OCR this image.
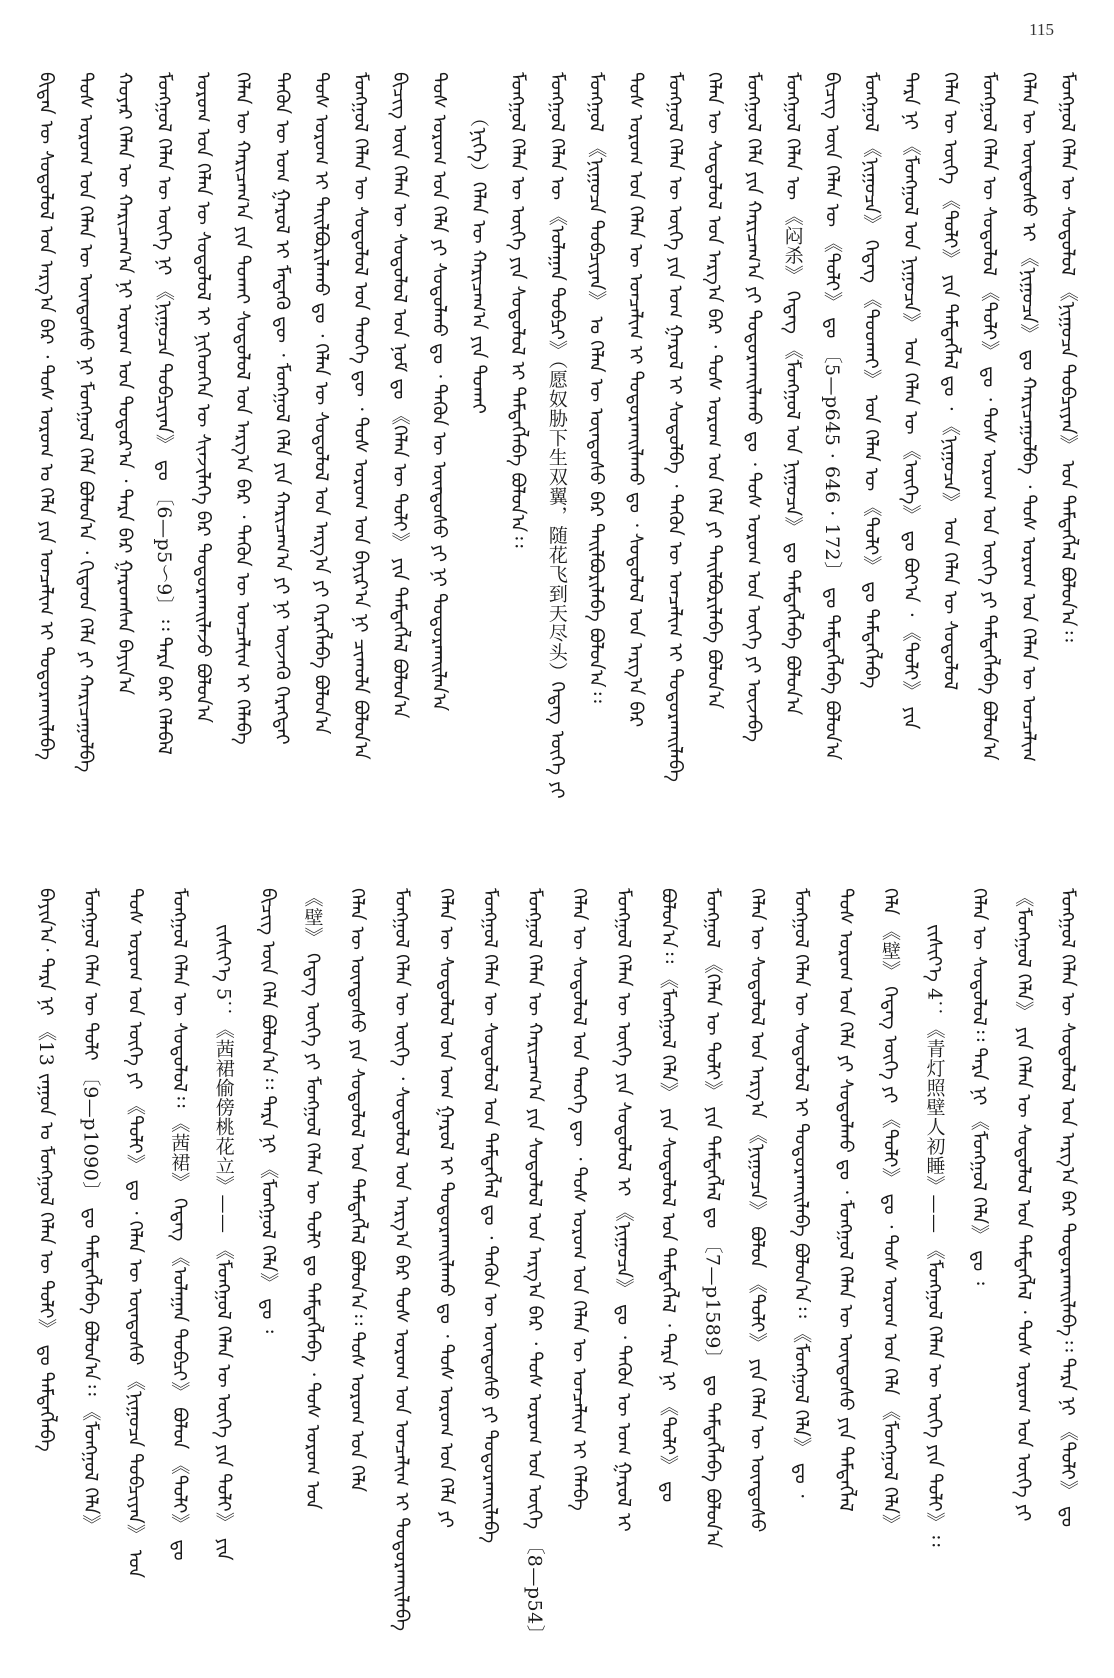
115
ᠪᠢᠳᠡᠨ ᠦ ᠰᠤᠳᠤᠯᠤᠯ ᠤᠨ ᠠᠷᠭ᠎ᠠ ᠪᠡᠷ ᠂ ᠲᠤᠰ ᠤᠷᠤᠭ ᠤ ᠬᠡᠯᠡ ᠶᠢᠨ ᠤᠨᠴᠠᠯᠢᠭ ᠢ ᠲᠣᠳᠣᠷᠬᠠᠢᠯᠠᠪᠠ ᠲᠤᠰ ᠤᠷᠤᠭ ᠤᠨ ᠬᠡᠯᠡᠨ ᠦ ᠦᠨᠳᠦᠰᠦ ᠨᠢ ᠮᠣᠩᠭᠣᠯ ᠬᠡᠯᠡ ᠪᠣᠯᠤᠨ᠎ᠠ ᠂ ᠬᠢᠲᠠᠳ ᠬᠡᠯᠡ ᠶᠢ ᠬᠠᠷᠢᠴᠠᠭᠤᠯᠪᠠ ᠬᠣᠶᠠᠷ ᠬᠡᠯᠡᠨ ᠦ ᠬᠠᠷᠢᠴᠠᠭ᠎ᠠ ᠨᠢ ᠤᠷᠤᠭ ᠤᠨ ᠳᠣᠲᠣᠷ᠎ᠠ ᠂ ᠲᠡᠷᠡ ᠪᠡᠷ ᠭᠠᠷᠤᠭᠰᠠᠨ ᠪᠠᠶᠢᠨ᠎ᠠ ᠮᠣᠩᠭᠣᠯ ᠬᠡᠯᠡᠨ ᠦ ᠦᠭᠡ ᠨᠢ 《ᠨᠢᠭᠤᠴᠠ ᠲᠣᠪᠴᠢᠶᠠᠨ》 ᠳᠤ 〔6—p5～9〕᠄᠄ ᠲᠡᠷᠡ ᠪᠡᠷ ᠬᠡᠯᠡᠪᠡᠯ ᠤᠷᠤᠭ ᠤᠨ ᠬᠡᠯᠡᠨ ᠦ ᠰᠤᠳᠤᠯᠤᠯ ᠢ ᠨᠢᠭᠡᠳᠭᠡᠨ ᠦ ᠰᠢᠨᠵᠢᠯᠡᠭᠡ ᠪᠡᠷ ᠲᠣᠳᠣᠷᠬᠠᠢᠯᠠᠵᠤ ᠪᠣᠯᠤᠨ᠎ᠠ ᠬᠡᠯᠡᠨ ᠦ ᠬᠠᠷᠢᠴᠠᠭ᠎ᠠ ᠶᠢᠨ ᠲᠤᠬᠠᠢ ᠰᠤᠳᠤᠯᠤᠯ ᠤᠨ ᠠᠷᠭ᠎ᠠ ᠪᠠᠷ ᠂ ᠲᠡᠭᠦᠨ ᠦ ᠤᠨᠴᠠᠯᠢᠭ ᠢ ᠬᠡᠯᠡᠪᠡ ᠲᠡᠭᠦᠨ ᠦ ᠤᠭ ᠭᠠᠷᠤᠯ ᠢ ᠮᠡᠳᠡᠬᠦ ᠳᠦ ᠂ ᠮᠣᠩᠭᠣᠯ ᠬᠡᠯᠡ ᠶᠢᠨ ᠬᠠᠷᠢᠴᠠᠭ᠎ᠠ ᠶᠢ ᠨᠢ ᠦᠵᠡᠬᠦ ᠬᠡᠷᠡᠭᠲᠡᠢ ᠲᠤᠰ ᠤᠷᠤᠭ ᠢ ᠲᠠᠢᠯᠪᠤᠷᠢᠯᠠᠬᠤ ᠳᠤ ᠂ ᠬᠡᠯᠡᠨ ᠦ ᠰᠤᠳᠤᠯᠤᠯ ᠤᠨ ᠠᠷᠭ᠎ᠠ ᠶᠢ ᠬᠡᠷᠡᠭᠯᠡᠪᠡ ᠪᠣᠯᠤᠨ᠎ᠠ ᠮᠣᠩᠭᠣᠯ ᠬᠡᠯᠡᠨ ᠦ ᠰᠤᠳᠤᠯᠤᠯ ᠤᠨ ᠲᠡᠦᠬᠡ ᠳᠦ ᠂ ᠲᠤᠰ ᠤᠷᠤᠭ ᠤᠨ ᠪᠠᠶᠢᠷ᠎ᠠ ᠨᠢ ᠴᠢᠬᠤᠯᠠ ᠪᠣᠯᠤᠨ᠎ᠠ ᠪᠢᠴᠢᠭ ᠦᠨ ᠬᠡᠯᠡᠨ ᠦ ᠰᠤᠳᠤᠯᠤᠯ ᠤᠨ ᠨᠣᠮ ᠳᠤ 《ᠬᠡᠯᠡᠨ ᠦ ᠲᠣᠯᠢ》 ᠶᠢᠨ ᠲᠡᠮᠳᠡᠭᠯᠡᠯ ᠪᠣᠯᠤᠨ᠎ᠠ ᠲᠤᠰ ᠤᠷᠤᠭ ᠤᠨ ᠬᠡᠯᠡ ᠶᠢ ᠰᠤᠳᠤᠯᠬᠤ ᠳᠤ ᠂ ᠲᠡᠭᠦᠨ ᠦ ᠦᠨᠳᠦᠰᠦ ᠶᠢ ᠨᠢ ᠲᠣᠳᠣᠷᠬᠠᠢᠯᠠᠨ᠎ᠠ （ᠨᠢᠭᠡ）ᠬᠡᠯᠡᠨ ᠦ ᠬᠠᠷᠢᠴᠠᠭ᠎ᠠ ᠶᠢᠨ ᠲᠤᠬᠠᠢ ᠮᠣᠩᠭᠣᠯ ᠬᠡᠯᠡᠨ ᠦ ᠦᠭᠡ ᠶᠢᠨ ᠰᠤᠳᠤᠯᠤᠯ ᠢ ᠲᠡᠮᠳᠡᠭᠯᠡᠪᠡ ᠪᠣᠯᠤᠨ᠎ᠠ᠄᠄ ᠮᠣᠩᠭᠣᠯ ᠬᠡᠯᠡᠨ ᠦ 《ᠤᠯᠠᠭᠠᠨ ᠲᠣᠪᠴᠢ》（愿奴胁下生双翼，随花飞到天尽头）ᠭᠡᠳᠡᠭ ᠦᠭᠡ ᠶᠢ ᠮᠣᠩᠭᠣᠯ 《ᠨᠢᠭᠤᠴᠠ ᠲᠣᠪᠴᠢᠶᠠᠨ》 ᠤ ᠬᠡᠯᠡᠨ ᠦ ᠦᠨᠳᠦᠰᠦ ᠪᠠᠷ ᠲᠠᠢᠯᠪᠤᠷᠢᠯᠠᠪᠠ ᠪᠣᠯᠤᠨ᠎ᠠ᠄᠄ ᠲᠤᠰ ᠤᠷᠤᠭ ᠤᠨ ᠬᠡᠯᠡᠨ ᠦ ᠤᠨᠴᠠᠯᠢᠭ ᠢ ᠲᠣᠳᠣᠷᠬᠠᠢᠯᠠᠬᠤ ᠳᠤ ᠂ ᠰᠤᠳᠤᠯᠤᠯ ᠤᠨ ᠠᠷᠭ᠎ᠠ ᠪᠠᠷ ᠮᠣᠩᠭᠣᠯ ᠬᠡᠯᠡᠨ ᠦ ᠦᠭᠡ ᠶᠢᠨ ᠤᠭ ᠭᠠᠷᠤᠯ ᠢ ᠰᠤᠳᠤᠯᠪᠠ ᠂ ᠲᠡᠭᠦᠨ ᠦ ᠤᠨᠴᠠᠯᠢᠭ ᠢ ᠲᠣᠳᠣᠷᠬᠠᠢᠯᠠᠪᠠ ᠬᠡᠯᠡᠨ ᠦ ᠰᠤᠳᠤᠯᠤᠯ ᠤᠨ ᠠᠷᠭ᠎ᠠ ᠪᠠᠷ ᠂ ᠲᠤᠰ ᠤᠷᠤᠭ ᠤᠨ ᠬᠡᠯᠡ ᠶᠢ ᠲᠠᠢᠯᠪᠤᠷᠢᠯᠠᠪᠠ ᠪᠣᠯᠤᠨ᠎ᠠ ᠮᠣᠩᠭᠣᠯ ᠬᠡᠯᠡ ᠶᠢᠨ ᠬᠠᠷᠢᠴᠠᠭ᠎ᠠ ᠶᠢ ᠲᠣᠳᠣᠷᠬᠠᠢᠯᠠᠬᠤ ᠳᠤ ᠂ ᠲᠤᠰ ᠤᠷᠤᠭ ᠤᠨ ᠦᠭᠡ ᠶᠢ ᠦᠵᠡᠪᠡ ᠮᠣᠩᠭᠣᠯ ᠬᠡᠯᠡᠨ ᠦ 《闷杀》 ᠭᠡᠳᠡᠭ 《ᠮᠣᠩᠭᠣᠯ ᠤᠨ ᠨᠢᠭᠤᠴᠠ》 ᠳᠤ ᠲᠡᠮᠳᠡᠭᠯᠡᠪᠡ ᠪᠣᠯᠤᠨ᠎ᠠ ᠪᠢᠴᠢᠭ ᠦᠨ ᠬᠡᠯᠡᠨ ᠦ 《ᠲᠣᠯᠢ》 ᠳᠤ 〔5—p645 · 646 · 172〕 ᠳᠤ ᠲᠡᠮᠳᠡᠭᠯᠡᠪᠡ ᠪᠣᠯᠤᠨ᠎ᠠ ᠮᠣᠩᠭᠣᠯ 《ᠨᠢᠭᠤᠴᠠ》 ᠭᠡᠳᠡᠭ 《ᠲᠤᠤᠬᠠᠢ》 ᠤᠨ ᠬᠡᠯᠡᠨ ᠦ 《ᠲᠣᠯᠢ》 ᠳᠤ ᠲᠡᠮᠳᠡᠭᠯᠡᠪᠡ ᠲᠡᠷᠡ ᠨᠢ 《ᠮᠣᠩᠭᠣᠯ ᠤᠨ ᠨᠢᠭᠤᠴᠠ》 ᠤᠨ ᠬᠡᠯᠡᠨ ᠦ 《ᠦᠭᠡ》 ᠳᠤ ᠪᠤᠶ᠎ᠠ ᠂ 《ᠲᠣᠯᠢ》 ᠶᠢᠨ ᠬᠡᠯᠡᠨ ᠦ ᠦᠭᠡ 《ᠲᠣᠯᠢ》 ᠶᠢᠨ ᠲᠡᠮᠳᠡᠭᠯᠡᠯ ᠳᠤ ᠂ 《ᠨᠢᠭᠤᠴᠠ》 ᠤᠨ ᠬᠡᠯᠡᠨ ᠦ ᠰᠤᠳᠤᠯᠤᠯ ᠮᠣᠩᠭᠣᠯ ᠬᠡᠯᠡᠨ ᠦ ᠰᠤᠳᠤᠯᠤᠯ 《ᠲᠣᠯᠢ》 ᠳᠤ ᠂ ᠲᠤᠰ ᠤᠷᠤᠭ ᠤᠨ ᠦᠭᠡ ᠶᠢ ᠲᠡᠮᠳᠡᠭᠯᠡᠪᠡ ᠪᠣᠯᠤᠨ᠎ᠠ ᠬᠡᠯᠡᠨ ᠦ ᠦᠨᠳᠦᠰᠦ ᠢ 《ᠨᠢᠭᠤᠴᠠ》 ᠳᠤ ᠬᠠᠷᠢᠴᠠᠭᠤᠯᠪᠠ ᠂ ᠲᠤᠰ ᠤᠷᠤᠭ ᠤᠨ ᠬᠡᠯᠡᠨ ᠦ ᠤᠨᠴᠠᠯᠢᠭ ᠮᠣᠩᠭᠣᠯ ᠬᠡᠯᠡᠨ ᠦ ᠰᠤᠳᠤᠯᠤᠯ 《ᠨᠢᠭᠤᠴᠠ ᠲᠣᠪᠴᠢᠶᠠᠨ》 ᠤᠨ ᠲᠡᠮᠳᠡᠭᠯᠡᠯ ᠪᠣᠯᠤᠨ᠎ᠠ᠄᠄
ᠪᠠᠶᠢᠨ᠎ᠠ᠂ ᠲᠡᠷᠡ ᠨᠢ 《13 ᠵᠠᠭᠤᠨ ᠤ ᠮᠣᠩᠭᠣᠯ ᠬᠡᠯᠡᠨ ᠦ ᠲᠣᠯᠢ》 ᠳᠤ ᠲᠡᠮᠳᠡᠭᠯᠡᠪᠡ	ᠮᠣᠩᠭᠣᠯ ᠬᠡᠯᠡᠨ ᠦ ᠲᠣᠯᠢ 〔9—p1090〕 ᠳᠤ ᠲᠡᠮᠳᠡᠭᠯᠡᠪᠡ ᠪᠣᠯᠤᠨ᠎ᠠ᠄᠄ 《ᠮᠣᠩᠭᠣᠯ ᠬᠡᠯᠡ》	ᠲᠤᠰ ᠤᠷᠤᠭ ᠤᠨ ᠦᠭᠡ ᠶᠢ 《ᠲᠣᠯᠢ》 ᠳᠤ ᠂ ᠬᠡᠯᠡᠨ ᠦ ᠦᠨᠳᠦᠰᠦ 《ᠨᠢᠭᠤᠴᠠ ᠲᠣᠪᠴᠢᠶᠠᠨ》 ᠤᠨ	ᠮᠣᠩᠭᠣᠯ ᠬᠡᠯᠡᠨ ᠦ ᠰᠤᠳᠤᠯᠤᠯ᠄᠄ 《茜裙》 ᠭᠡᠳᠡᠭ 《ᠤᠯᠠᠭᠠᠨ ᠲᠣᠪᠴᠢ》 ᠪᠣᠯᠤᠨ 《ᠲᠣᠯᠢ》 ᠳᠤ	ᠵᠢᠱᠢᠶ᠎ᠡ 5：《茜裙偷傍桃花立》—— 《ᠮᠣᠩᠭᠣᠯ ᠬᠡᠯᠡᠨ ᠦ ᠦᠭᠡ ᠶᠢᠨ ᠲᠣᠯᠢ》 ᠶᠢᠨ	ᠪᠢᠴᠢᠭ ᠦᠨ ᠬᠡᠯᠡ ᠪᠣᠯᠤᠨ᠎ᠠ᠄᠄ ᠲᠡᠷᠡ ᠨᠢ 《ᠮᠣᠩᠭᠣᠯ ᠬᠡᠯᠡ》 ᠳᠤ ᠄	《壁》 ᠭᠡᠳᠡᠭ ᠦᠭᠡ ᠶᠢ ᠮᠣᠩᠭᠣᠯ ᠬᠡᠯᠡᠨ ᠦ ᠲᠣᠯᠢ ᠳᠤ ᠲᠡᠮᠳᠡᠭᠯᠡᠪᠡ ᠂ ᠲᠤᠰ ᠤᠷᠤᠭ ᠤᠨ	ᠬᠡᠯᠡᠨ ᠦ ᠦᠨᠳᠦᠰᠦ ᠶᠢᠨ ᠰᠤᠳᠤᠯᠤᠯ ᠤᠨ ᠲᠡᠮᠳᠡᠭᠯᠡᠯ ᠪᠣᠯᠤᠨ᠎ᠠ᠄᠄ ᠲᠤᠰ ᠤᠷᠤᠭ ᠤᠨ ᠬᠡᠯᠡ	ᠮᠣᠩᠭᠣᠯ ᠬᠡᠯᠡᠨ ᠦ ᠦᠭᠡ ᠂ ᠰᠤᠳᠤᠯᠤᠯ ᠤᠨ ᠠᠷᠭ᠎ᠠ ᠪᠡᠷ ᠲᠤᠰ ᠤᠷᠤᠭ ᠤᠨ ᠤᠨᠴᠠᠯᠢᠭ ᠢ ᠲᠣᠳᠣᠷᠬᠠᠢᠯᠠᠪᠠ	ᠬᠡᠯᠡᠨ ᠦ ᠰᠤᠳᠤᠯᠤᠯ ᠤᠨ ᠤᠭ ᠭᠠᠷᠤᠯ ᠢ ᠲᠣᠳᠣᠷᠬᠠᠢᠯᠠᠬᠤ ᠳᠤ ᠂ ᠲᠤᠰ ᠤᠷᠤᠭ ᠤᠨ ᠬᠡᠯᠡ ᠶᠢ	ᠮᠣᠩᠭᠣᠯ ᠬᠡᠯᠡᠨ ᠦ ᠰᠤᠳᠤᠯᠤᠯ ᠤᠨ ᠲᠡᠮᠳᠡᠭᠯᠡᠯ ᠳᠤ ᠂ ᠲᠡᠭᠦᠨ ᠦ ᠦᠨᠳᠦᠰᠦ ᠶᠢ ᠲᠣᠳᠣᠷᠬᠠᠢᠯᠠᠪᠠ	ᠮᠣᠩᠭᠣᠯ ᠬᠡᠯᠡᠨ ᠦ ᠬᠠᠷᠢᠴᠠᠭ᠎ᠠ ᠶᠢᠨ ᠰᠤᠳᠤᠯᠤᠯ ᠤᠨ ᠠᠷᠭ᠎ᠠ ᠪᠠᠷ ᠂ ᠲᠤᠰ ᠤᠷᠤᠭ ᠤᠨ ᠦᠭᠡ 〔8—p54〕	ᠬᠡᠯᠡᠨ ᠦ ᠰᠤᠳᠤᠯᠤᠯ ᠤᠨ ᠲᠡᠦᠬᠡ ᠳᠦ ᠂ ᠲᠤᠰ ᠤᠷᠤᠭ ᠤᠨ ᠬᠡᠯᠡᠨ ᠦ ᠤᠨᠴᠠᠯᠢᠭ ᠢ ᠬᠡᠯᠡᠪᠡ	ᠮᠣᠩᠭᠣᠯ ᠬᠡᠯᠡᠨ ᠦ ᠦᠭᠡ ᠶᠢᠨ ᠰᠤᠳᠤᠯᠤᠯ ᠢ 《ᠨᠢᠭᠤᠴᠠ》 ᠳᠤ ᠂ ᠲᠡᠭᠦᠨ ᠦ ᠤᠭ ᠭᠠᠷᠤᠯ ᠢ	ᠪᠣᠯᠤᠨ᠎ᠠ᠄᠄ 《ᠮᠣᠩᠭᠣᠯ ᠬᠡᠯᠡ》 ᠶᠢᠨ ᠰᠤᠳᠤᠯᠤᠯ ᠤᠨ ᠲᠡᠮᠳᠡᠭᠯᠡᠯ ᠂ ᠲᠡᠷᠡ ᠨᠢ 《ᠲᠣᠯᠢ》 ᠳᠤ	ᠮᠣᠩᠭᠣᠯ 《ᠬᠡᠯᠡᠨ ᠦ ᠲᠣᠯᠢ》 ᠶᠢᠨ ᠲᠡᠮᠳᠡᠭᠯᠡᠯ ᠳᠤ 〔7—p1589〕 ᠳᠤ ᠲᠡᠮᠳᠡᠭᠯᠡᠪᠡ ᠪᠣᠯᠤᠨ᠎ᠠ	ᠬᠡᠯᠡᠨ ᠦ ᠰᠤᠳᠤᠯᠤᠯ ᠤᠨ ᠠᠷᠭ᠎ᠠ 《ᠨᠢᠭᠤᠴᠠ》 ᠪᠣᠯᠤᠨ 《ᠲᠣᠯᠢ》 ᠶᠢᠨ ᠬᠡᠯᠡᠨ ᠦ ᠦᠨᠳᠦᠰᠦ	ᠮᠣᠩᠭᠣᠯ ᠬᠡᠯᠡᠨ ᠦ ᠰᠤᠳᠤᠯᠤᠯ ᠢ ᠲᠣᠳᠣᠷᠬᠠᠢᠯᠠᠪᠠ ᠪᠣᠯᠤᠨ᠎ᠠ᠄᠄ 《ᠮᠣᠩᠭᠣᠯ ᠬᠡᠯᠡ》 ᠳᠤ ᠂	ᠲᠤᠰ ᠤᠷᠤᠭ ᠤᠨ ᠬᠡᠯᠡ ᠶᠢ ᠰᠤᠳᠤᠯᠬᠤ ᠳᠤ ᠂ ᠮᠣᠩᠭᠣᠯ ᠬᠡᠯᠡᠨ ᠦ ᠦᠨᠳᠦᠰᠦ ᠶᠢᠨ ᠲᠡᠮᠳᠡᠭᠯᠡᠯ	ᠬᠡᠯᠡ 《壁》 ᠭᠡᠳᠡᠭ ᠦᠭᠡ ᠶᠢ 《ᠲᠣᠯᠢ》 ᠳᠤ ᠂ ᠲᠤᠰ ᠤᠷᠤᠭ ᠤᠨ ᠬᠡᠯᠡ 《ᠮᠣᠩᠭᠣᠯ ᠬᠡᠯᠡ》	ᠵᠢᠱᠢᠶ᠎ᠡ 4：《青灯照壁人初睡》—— 《ᠮᠣᠩᠭᠣᠯ ᠬᠡᠯᠡᠨ ᠦ ᠦᠭᠡ ᠶᠢᠨ ᠲᠣᠯᠢ》᠄᠄	ᠬᠡᠯᠡᠨ ᠦ ᠰᠤᠳᠤᠯᠤᠯ᠄᠄ ᠲᠡᠷᠡ ᠨᠢ 《ᠮᠣᠩᠭᠣᠯ ᠬᠡᠯᠡ》 ᠳᠤ ᠄	《ᠮᠣᠩᠭᠣᠯ ᠬᠡᠯᠡ》 ᠶᠢᠨ ᠬᠡᠯᠡᠨ ᠦ ᠰᠤᠳᠤᠯᠤᠯ ᠤᠨ ᠲᠡᠮᠳᠡᠭᠯᠡᠯ ᠂ ᠲᠤᠰ ᠤᠷᠤᠭ ᠤᠨ ᠦᠭᠡ ᠶᠢ	ᠮᠣᠩᠭᠣᠯ ᠬᠡᠯᠡᠨ ᠦ ᠰᠤᠳᠤᠯᠤᠯ ᠤᠨ ᠠᠷᠭ᠎ᠠ ᠪᠠᠷ ᠲᠣᠳᠣᠷᠬᠠᠢᠯᠠᠪᠠ᠄᠄ ᠲᠡᠷᠡ ᠨᠢ 《ᠲᠣᠯᠢ》 ᠳᠤ
